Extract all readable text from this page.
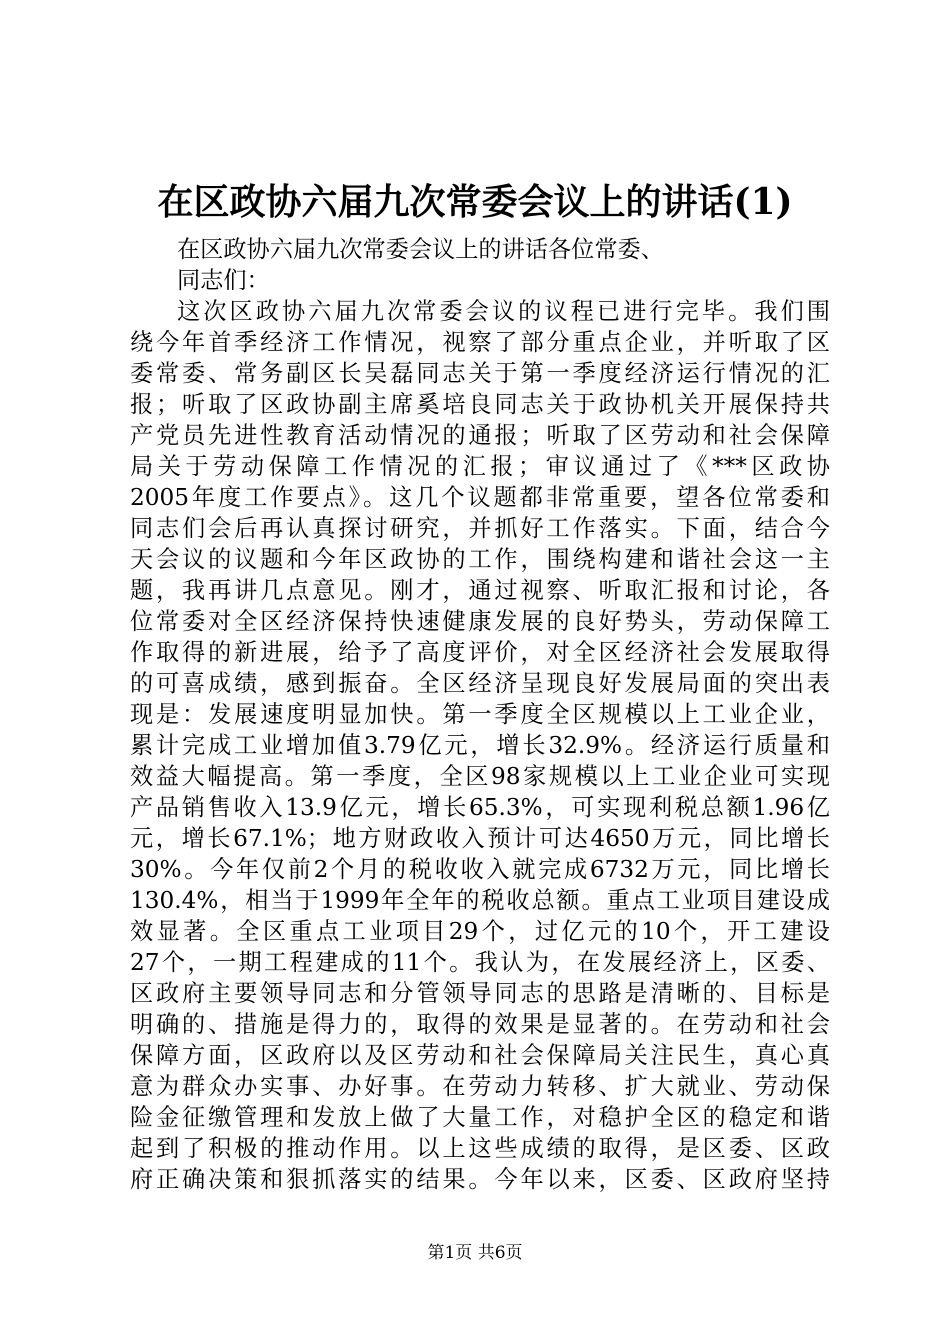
在区政协六届九次常委会议上的讲话(1)
在区政协六届九次常委会议上的讲话各位常委、
同志们：
这次区政协六届九次常委会议的议程已进行完毕。我们围
绕今年首季经济工作情况，视察了部分重点企业，并听取了区
委常委、常务副区长吴磊同志关于第一季度经济运行情况的汇
报；听取了区政协副主席奚培良同志关于政协机关开展保持共
产党员先进性教育活动情况的通报；听取了区劳动和社会保障
局关于劳动保障工作情况的汇报；审议通过了《***区政协
2005年度工作要点》。这几个议题都非常重要，望各位常委和
同志们会后再认真探讨研究，并抓好工作落实。下面，结合今
天会议的议题和今年区政协的工作，围绕构建和谐社会这一主
题，我再讲几点意见。刚才，通过视察、听取汇报和讨论，各
位常委对全区经济保持快速健康发展的良好势头，劳动保障工
作取得的新进展，给予了高度评价，对全区经济社会发展取得
的可喜成绩，感到振奋。全区经济呈现良好发展局面的突出表
现是：发展速度明显加快。第一季度全区规模以上工业企业，
累计完成工业增加值3.79亿元，增长32.9%。经济运行质量和
效益大幅提高。第一季度，全区98家规模以上工业企业可实现
产品销售收入13.9亿元，增长65.3%，可实现利税总额1.96亿
元，增长67.1%；地方财政收入预计可达4650万元，同比增长
30%。今年仅前2个月的税收收入就完成6732万元，同比增长
130.4%，相当于1999年全年的税收总额。重点工业项目建设成
效显著。全区重点工业项目29个，过亿元的10个，开工建设
27个，一期工程建成的11个。我认为，在发展经济上，区委、
区政府主要领导同志和分管领导同志的思路是清晰的、目标是
明确的、措施是得力的，取得的效果是显著的。在劳动和社会
保障方面，区政府以及区劳动和社会保障局关注民生，真心真
意为群众办实事、办好事。在劳动力转移、扩大就业、劳动保
险金征缴管理和发放上做了大量工作，对稳护全区的稳定和谐
起到了积极的推动作用。以上这些成绩的取得，是区委、区政
府正确决策和狠抓落实的结果。今年以来，区委、区政府坚持
第1页 共6页
